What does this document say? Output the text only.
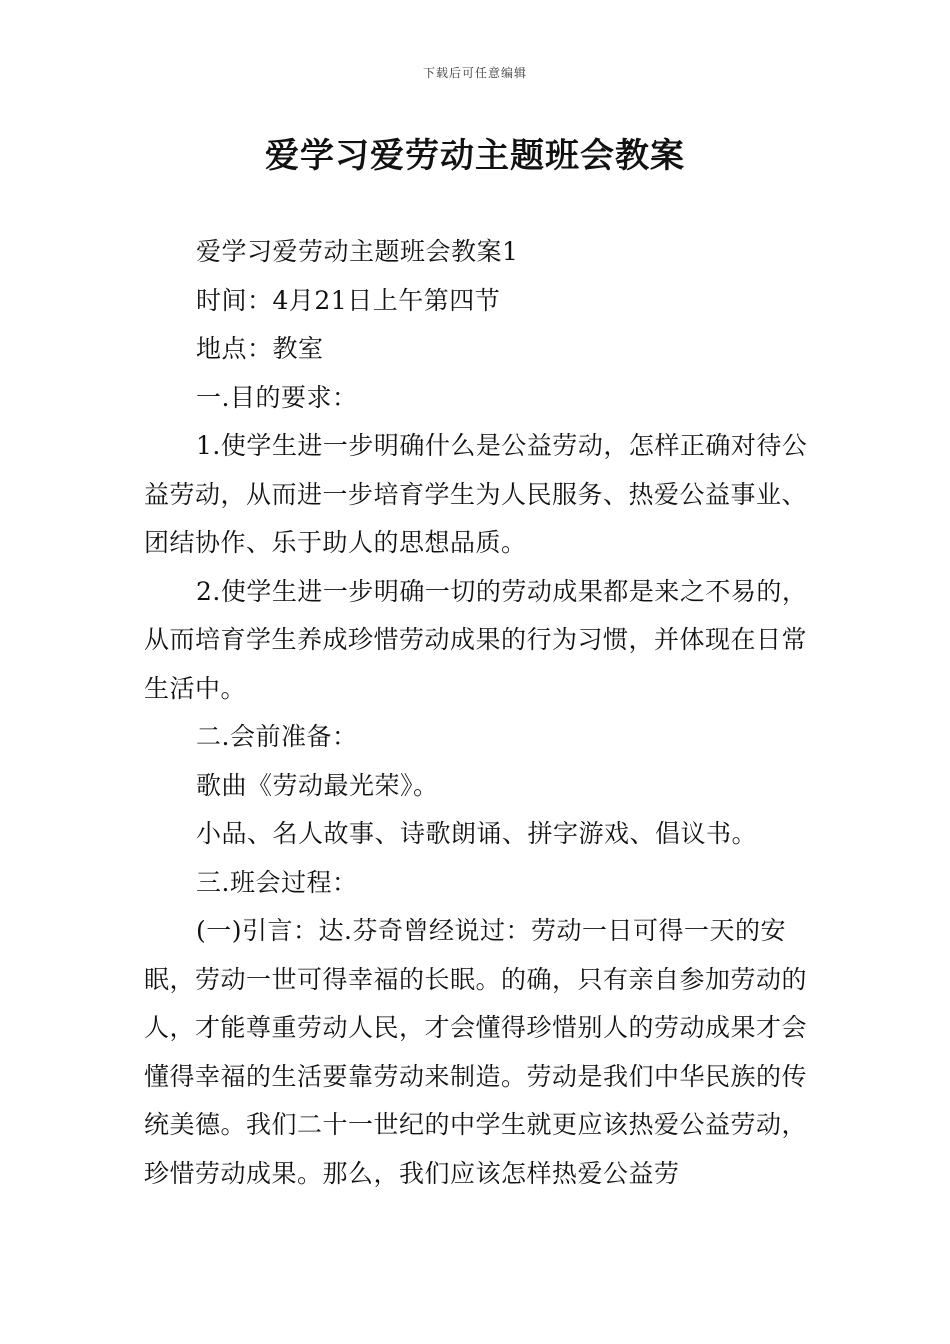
下载后可任意编辑
爱学习爱劳动主题班会教案

爱学习爱劳动主题班会教案1

时间：4月21日上午第四节

地点：教室

一.目的要求：

1.使学生进一步明确什么是公益劳动，怎样正确对待公益劳动，从而进一步培育学生为人民服务、热爱公益事业、团结协作、乐于助人的思想品质。

2.使学生进一步明确一切的劳动成果都是来之不易的，从而培育学生养成珍惜劳动成果的行为习惯，并体现在日常生活中。

二.会前准备：

歌曲《劳动最光荣》。

小品、名人故事、诗歌朗诵、拼字游戏、倡议书。

三.班会过程：

(一)引言：达.芬奇曾经说过：劳动一日可得一天的安眠，劳动一世可得幸福的长眠。的确，只有亲自参加劳动的人，才能尊重劳动人民，才会懂得珍惜别人的劳动成果才会懂得幸福的生活要靠劳动来制造。劳动是我们中华民族的传统美德。我们二十一世纪的中学生就更应该热爱公益劳动，珍惜劳动成果。那么，我们应该怎样热爱公益劳
